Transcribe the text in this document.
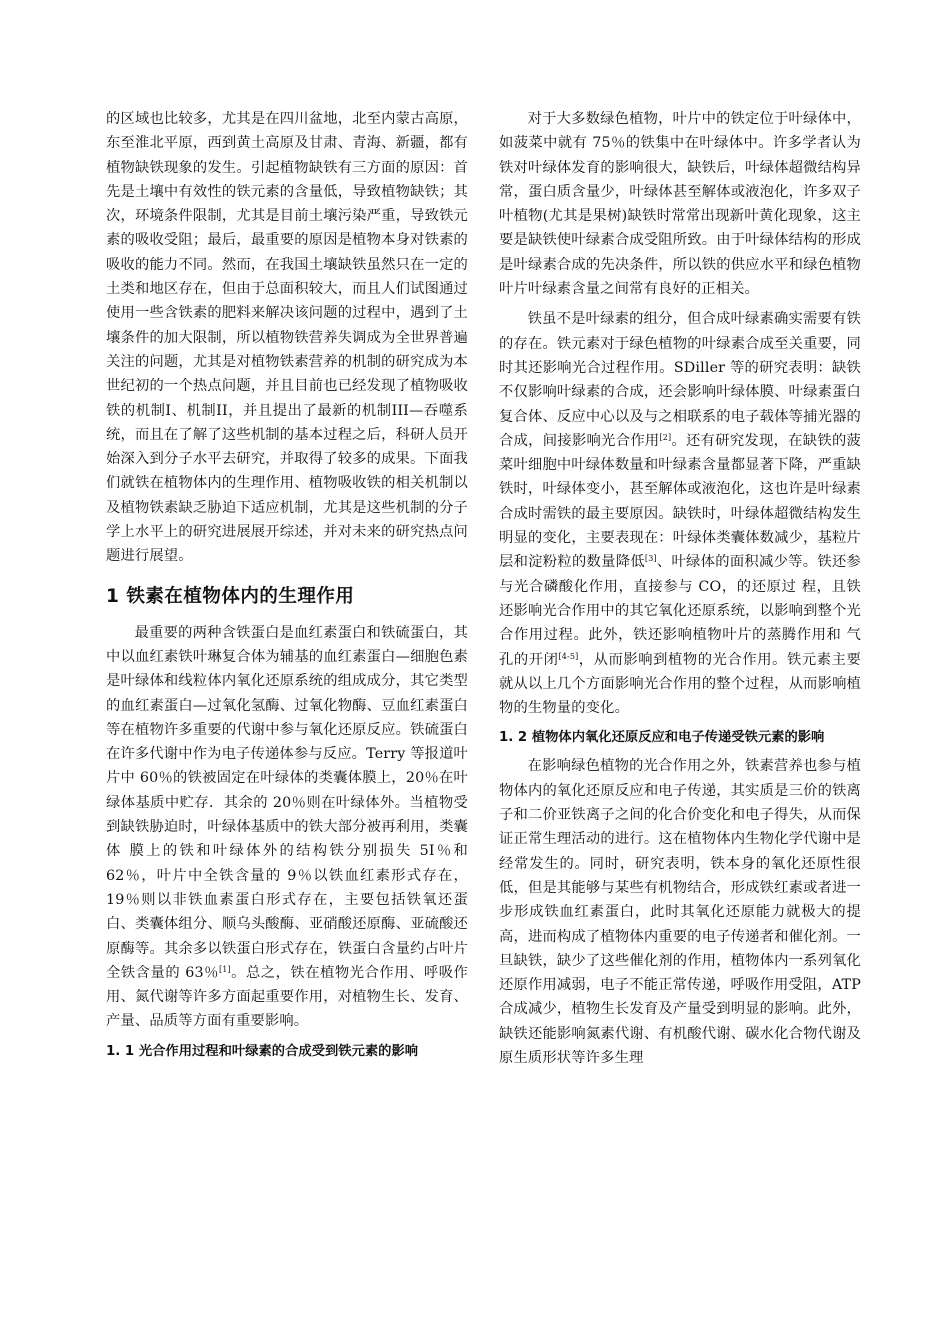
的区域也比较多，尤其是在四川盆地，北至内蒙古高原，东至淮北平原，西到黄土高原及甘肃、青海、新疆，都有植物缺铁现象的发生。引起植物缺铁有三方面的原因：首先是土壤中有效性的铁元素的含量低，导致植物缺铁；其次，环境条件限制，尤其是目前土壤污染严重，导致铁元素的吸收受阻；最后，最重要的原因是植物本身对铁素的吸收的能力不同。然而，在我国土壤缺铁虽然只在一定的土类和地区存在，但由于总面积较大，而且人们试图通过使用一些含铁素的肥料来解决该问题的过程中，遇到了土壤条件的加大限制，所以植物铁营养失调成为全世界普遍关注的问题，尤其是对植物铁素营养的机制的研究成为本世纪初的一个热点问题，并且目前也已经发现了植物吸收铁的机制I、机制II，并且提出了最新的机制III—吞噬系统，而且在了解了这些机制的基本过程之后，科研人员开始深入到分子水平去研究，并取得了较多的成果。下面我们就铁在植物体内的生理作用、植物吸收铁的相关机制以及植物铁素缺乏胁迫下适应机制，尤其是这些机制的分子学上水平上的研究进展展开综述，并对未来的研究热点问题进行展望。

1 铁素在植物体内的生理作用

最重要的两种含铁蛋白是血红素蛋白和铁硫蛋白，其中以血红素铁叶琳复合体为辅基的血红素蛋白—细胞色素是叶绿体和线粒体内氧化还原系统的组成成分，其它类型的血红素蛋白—过氧化氢酶、过氧化物酶、豆血红素蛋白等在植物许多重要的代谢中参与氧化还原反应。铁硫蛋白在许多代谢中作为电子传递体参与反应。Terry 等报道叶片中 60％的铁被固定在叶绿体的类囊体膜上，20％在叶绿体基质中贮存．其余的 20％则在叶绿体外。当植物受到缺铁胁迫时，叶绿体基质中的铁大部分被再利用，类囊体 膜上的铁和叶绿体外的结构铁分别损失 5I％和 62％，叶片中全铁含量的 9％以铁血红素形式存在，19％则以非铁血素蛋白形式存在，主要包括铁氧还蛋白、类囊体组分、顺乌头酸酶、亚硝酸还原酶、亚硫酸还原酶等。其余多以铁蛋白形式存在，铁蛋白含量约占叶片全铁含量的 63％[1]。总之，铁在植物光合作用、呼吸作用、氮代谢等许多方面起重要作用，对植物生长、发育、产量、品质等方面有重要影响。

1. 1 光合作用过程和叶绿素的合成受到铁元素的影响

对于大多数绿色植物，叶片中的铁定位于叶绿体中，如菠菜中就有 75％的铁集中在叶绿体中。许多学者认为铁对叶绿体发育的影响很大，缺铁后，叶绿体超微结构异常，蛋白质含量少，叶绿体甚至解体或液泡化，许多双子叶植物(尤其是果树)缺铁时常常出现新叶黄化现象，这主要是缺铁使叶绿素合成受阻所致。由于叶绿体结构的形成是叶绿素合成的先决条件，所以铁的供应水平和绿色植物叶片叶绿素含量之间常有良好的正相关。

铁虽不是叶绿素的组分，但合成叶绿素确实需要有铁的存在。铁元素对于绿色植物的叶绿素合成至关重要，同时其还影响光合过程作用。SDiller 等的研究表明：缺铁不仅影响叶绿素的合成，还会影响叶绿体膜、叶绿素蛋白复合体、反应中心以及与之相联系的电子载体等捕光器的合成，间接影响光合作用[2]。还有研究发现，在缺铁的菠菜叶细胞中叶绿体数量和叶绿素含量都显著下降，严重缺铁时，叶绿体变小，甚至解体或液泡化，这也许是叶绿素合成时需铁的最主要原因。缺铁时，叶绿体超微结构发生明显的变化，主要表现在：叶绿体类囊体数减少，基粒片层和淀粉粒的数量降低[3]、叶绿体的面积减少等。铁还参与光合磷酸化作用，直接参与 CO，的还原过 程，且铁还影响光合作用中的其它氧化还原系统，以影响到整个光合作用过程。此外，铁还影响植物叶片的蒸腾作用和 气孔的开闭[4-5]，从而影响到植物的光合作用。铁元素主要就从以上几个方面影响光合作用的整个过程，从而影响植物的生物量的变化。

1. 2 植物体内氧化还原反应和电子传递受铁元素的影响

在影响绿色植物的光合作用之外，铁素营养也参与植物体内的氧化还原反应和电子传递，其实质是三价的铁离子和二价亚铁离子之间的化合价变化和电子得失，从而保证正常生理活动的进行。这在植物体内生物化学代谢中是经常发生的。同时，研究表明，铁本身的氧化还原性很低，但是其能够与某些有机物结合，形成铁红素或者进一步形成铁血红素蛋白，此时其氧化还原能力就极大的提高，进而构成了植物体内重要的电子传递者和催化剂。一旦缺铁，缺少了这些催化剂的作用，植物体内一系列氧化还原作用减弱，电子不能正常传递，呼吸作用受阻，ATP 合成减少，植物生长发育及产量受到明显的影响。此外，缺铁还能影响氮素代谢、有机酸代谢、碳水化合物代谢及原生质形状等许多生理
